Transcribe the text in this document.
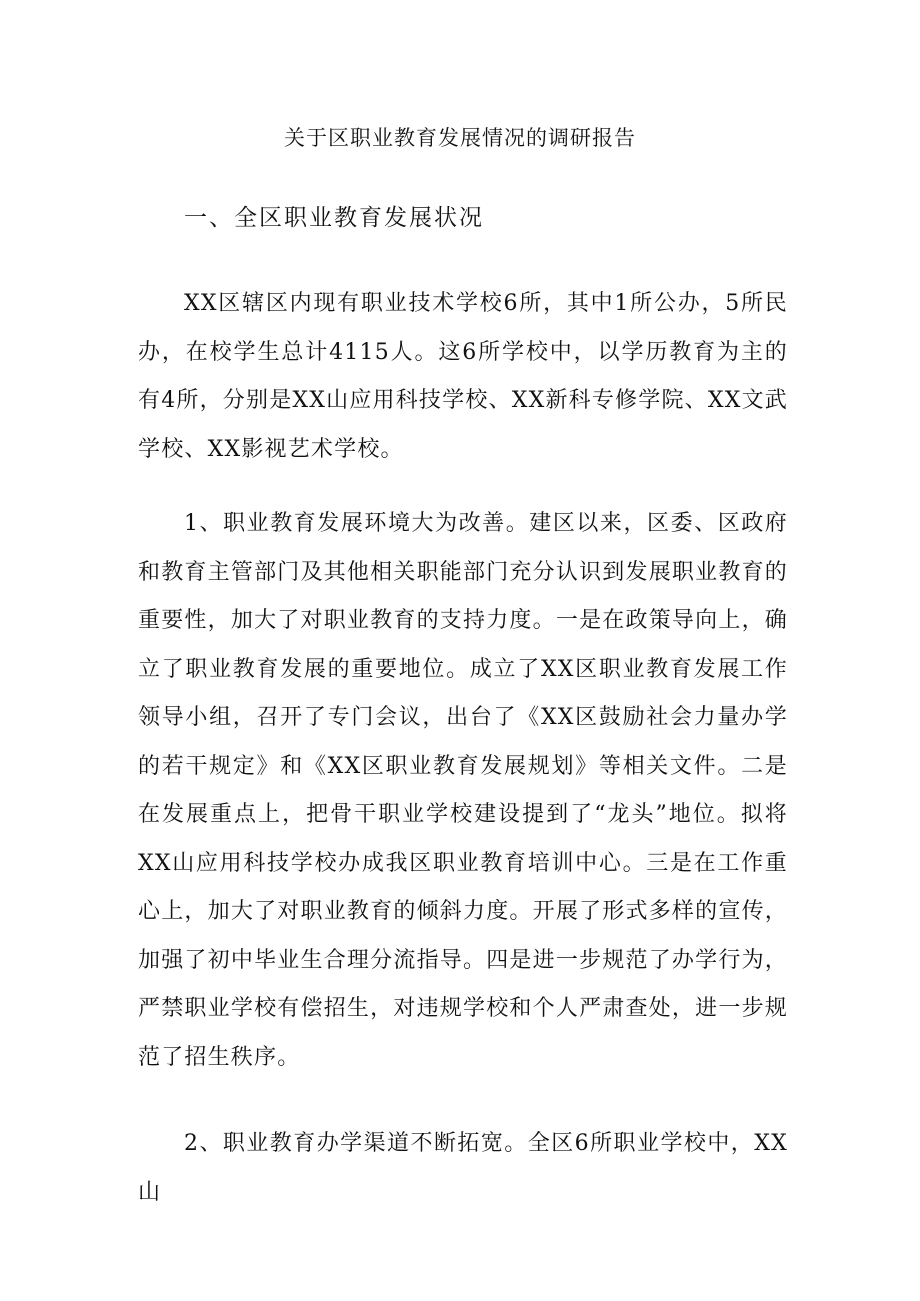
关于区职业教育发展情况的调研报告
一、全区职业教育发展状况

XX区辖区内现有职业技术学校6所，其中1所公办，5所民办，在校学生总计4115人。这6所学校中，以学历教育为主的有4所，分别是XX山应用科技学校、XX新科专修学院、XX文武学校、XX影视艺术学校。

1、职业教育发展环境大为改善。建区以来，区委、区政府和教育主管部门及其他相关职能部门充分认识到发展职业教育的重要性，加大了对职业教育的支持力度。一是在政策导向上，确立了职业教育发展的重要地位。成立了XX区职业教育发展工作领导小组，召开了专门会议，出台了《XX区鼓励社会力量办学的若干规定》和《XX区职业教育发展规划》等相关文件。二是在发展重点上，把骨干职业学校建设提到了“龙头”地位。拟将XX山应用科技学校办成我区职业教育培训中心。三是在工作重心上，加大了对职业教育的倾斜力度。开展了形式多样的宣传，加强了初中毕业生合理分流指导。四是进一步规范了办学行为，严禁职业学校有偿招生，对违规学校和个人严肃查处，进一步规范了招生秩序。

2、职业教育办学渠道不断拓宽。全区6所职业学校中，XX山
